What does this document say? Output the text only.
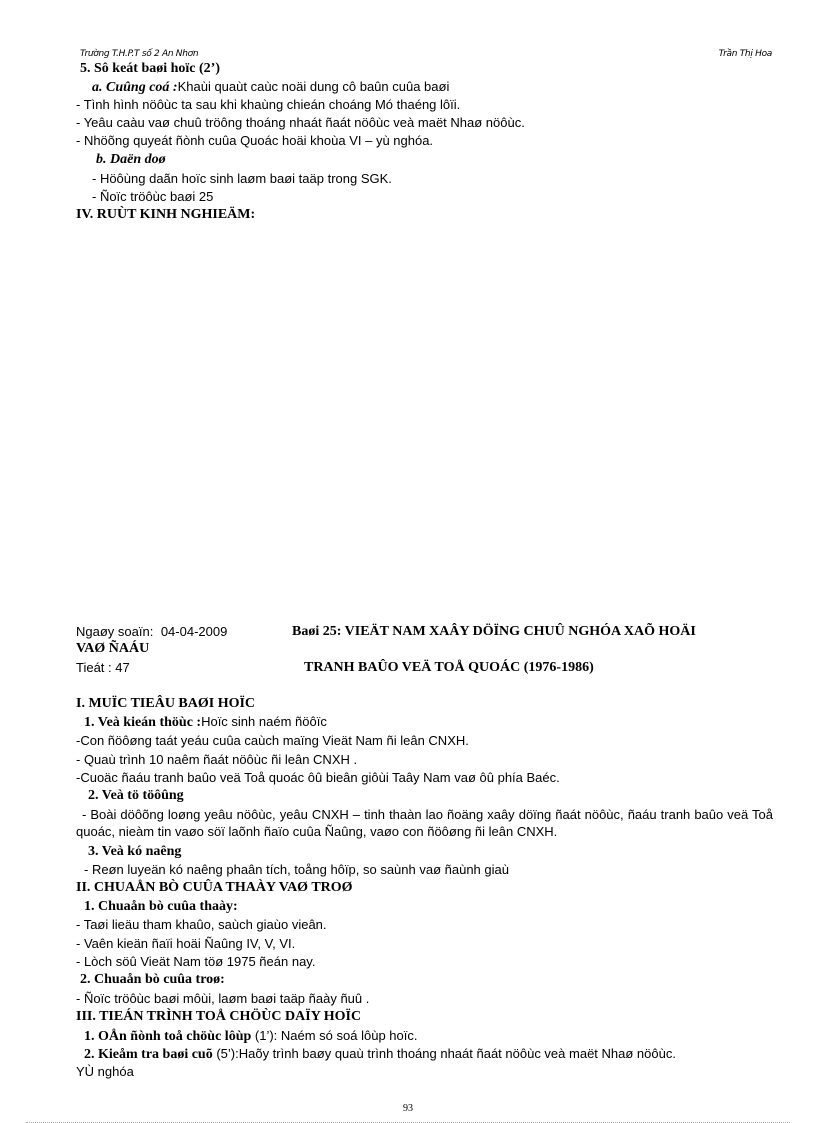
Trường T.H.P.T số 2 An Nhơn	Trần Thị Hoa
5. Sô keát baøi hoïc (2’)
a. Cuûng coá :Khaùi quaùt caùc noäi dung cô baûn cuûa baøi
- Tình hình nöôùc ta sau khi khaùng chieán choáng Mó thaéng lôïi.
- Yeâu caàu vaø chuû tröông thoáng nhaát ñaát nöôùc veà maët Nhaø nöôùc.
- Nhöõng quyeát ñònh cuûa Quoác hoäi khoùa VI – yù nghóa.
b. Daën doø
- Höôùng daãn hoïc sinh laøm baøi taäp trong SGK.
- Ñoïc tröôùc baøi 25
IV. RUÙT KINH NGHIEÄM:
Ngaøy soaïn: 04-04-2009	Baøi 25: VIEÄT NAM XAÂY DÖÏNG CHUÛ NGHÓA XAÕ HOÄI
VAØ ÑAÁU
Tieát : 47	TRANH BAÛO VEÄ TOÅ QUOÁC (1976-1986)
I. MUÏC TIEÂU BAØI HOÏC
1. Veà kieán thöùc :Hoïc sinh naém ñöôïc
-Con ñöôøng taát yeáu cuûa caùch maïng Vieät Nam ñi leân CNXH.
- Quaù trình 10 naêm ñaát nöôùc ñi leân CNXH .
-Cuoäc ñaáu tranh baûo veä Toå quoác ôû bieân giôùi Taây Nam vaø ôû phía Baéc.
2. Veà tö töôûng
- Boài döôõng loøng yeâu nöôùc, yeâu CNXH – tinh thaàn lao ñoäng xaây döïng ñaát nöôùc, ñaáu tranh baûo veä Toå quoác, nieàm tin vaøo söï laõnh ñaïo cuûa Ñaûng, vaøo con ñöôøng ñi leân CNXH.
3. Veà kó naêng
- Reøn luyeän kó naêng phaân tích, toång hôïp, so saùnh vaø ñaùnh giaù
II. CHUAÅN BÒ CUÛA THAÀY VAØ TROØ
1. Chuaån bò cuûa thaày:
- Taøi lieäu tham khaûo, saùch giaùo vieân.
- Vaên kieän ñaïi hoäi Ñaûng IV, V, VI.
- Lòch söû Vieät Nam töø 1975 ñeán nay.
2. Chuaån bò cuûa troø:
- Ñoïc tröôùc baøi môùi, laøm baøi taäp ñaày ñuû .
III. TIEÁN TRÌNH TOÅ CHÖÙC DAÏY HOÏC
1. OÅn ñònh toå chöùc lôùp (1’): Naém só soá lôùp hoïc.
2. Kieåm tra baøi cuõ (5’):Haõy trình baøy quaù trình thoáng nhaát ñaát nöôùc veà maët Nhaø nöôùc.
YÙ nghóa
93
